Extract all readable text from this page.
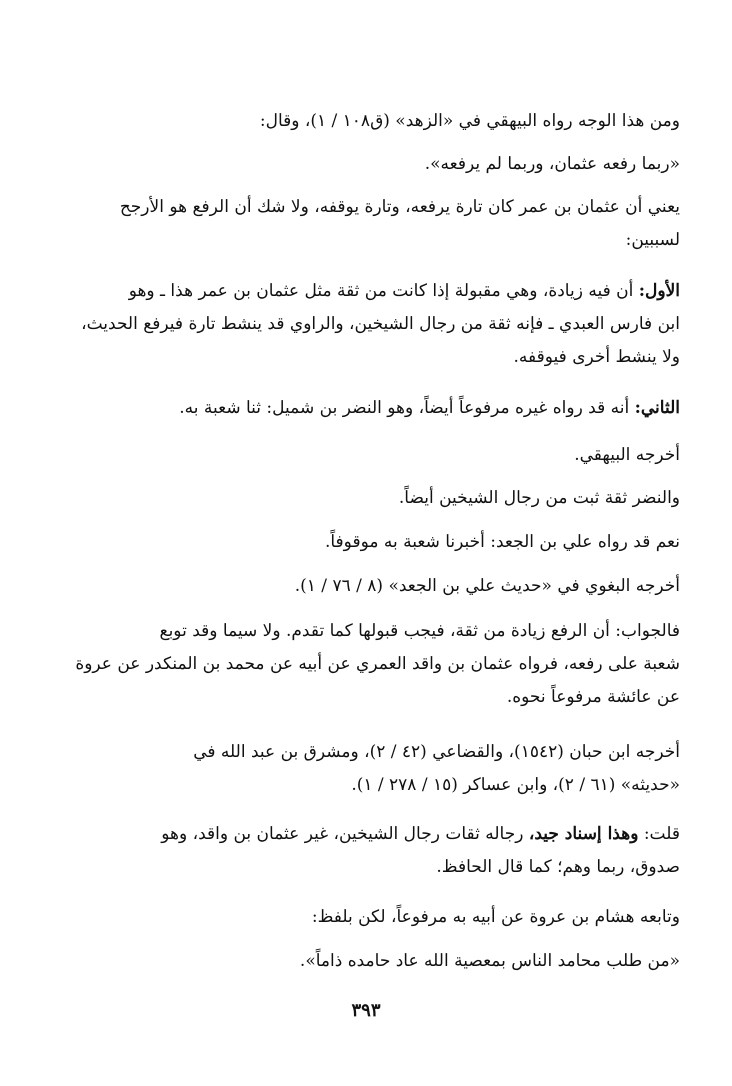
ومن هذا الوجه رواه البيهقي في «الزهد» (ق١٠٨ / ١)، وقال:

«ربما رفعه عثمان، وربما لم يرفعه».

يعني أن عثمان بن عمر كان تارة يرفعه، وتارة يوقفه، ولا شك أن الرفع هو الأرجح
لسببين:

الأول: أن فيه زيادة، وهي مقبولة إذا كانت من ثقة مثل عثمان بن عمر هذا ـ وهو
ابن فارس العبدي ـ فإنه ثقة من رجال الشيخين، والراوي قد ينشط تارة فيرفع الحديث،
ولا ينشط أخرى فيوقفه.

الثاني: أنه قد رواه غيره مرفوعاً أيضاً، وهو النضر بن شميل: ثنا شعبة به.

أخرجه البيهقي.

والنضر ثقة ثبت من رجال الشيخين أيضاً.

نعم قد رواه علي بن الجعد: أخبرنا شعبة به موقوفاً.

أخرجه البغوي في «حديث علي بن الجعد» (٨ / ٧٦ / ١).

فالجواب: أن الرفع زيادة من ثقة، فيجب قبولها كما تقدم. ولا سيما وقد توبع
شعبة على رفعه، فرواه عثمان بن واقد العمري عن أبيه عن محمد بن المنكدر عن عروة
عن عائشة مرفوعاً نحوه.

أخرجه ابن حبان (١٥٤٢)، والقضاعي (٤٢ / ٢)، ومشرق بن عبد الله في
«حديثه» (٦١ / ٢)، وابن عساكر (١٥ / ٢٧٨ / ١).

قلت: وهذا إسناد جيد، رجاله ثقات رجال الشيخين، غير عثمان بن واقد، وهو
صدوق، ربما وهم؛ كما قال الحافظ.

وتابعه هشام بن عروة عن أبيه به مرفوعاً، لكن بلفظ:

«من طلب محامد الناس بمعصية الله عاد حامده ذاماً».

٣٩٣
